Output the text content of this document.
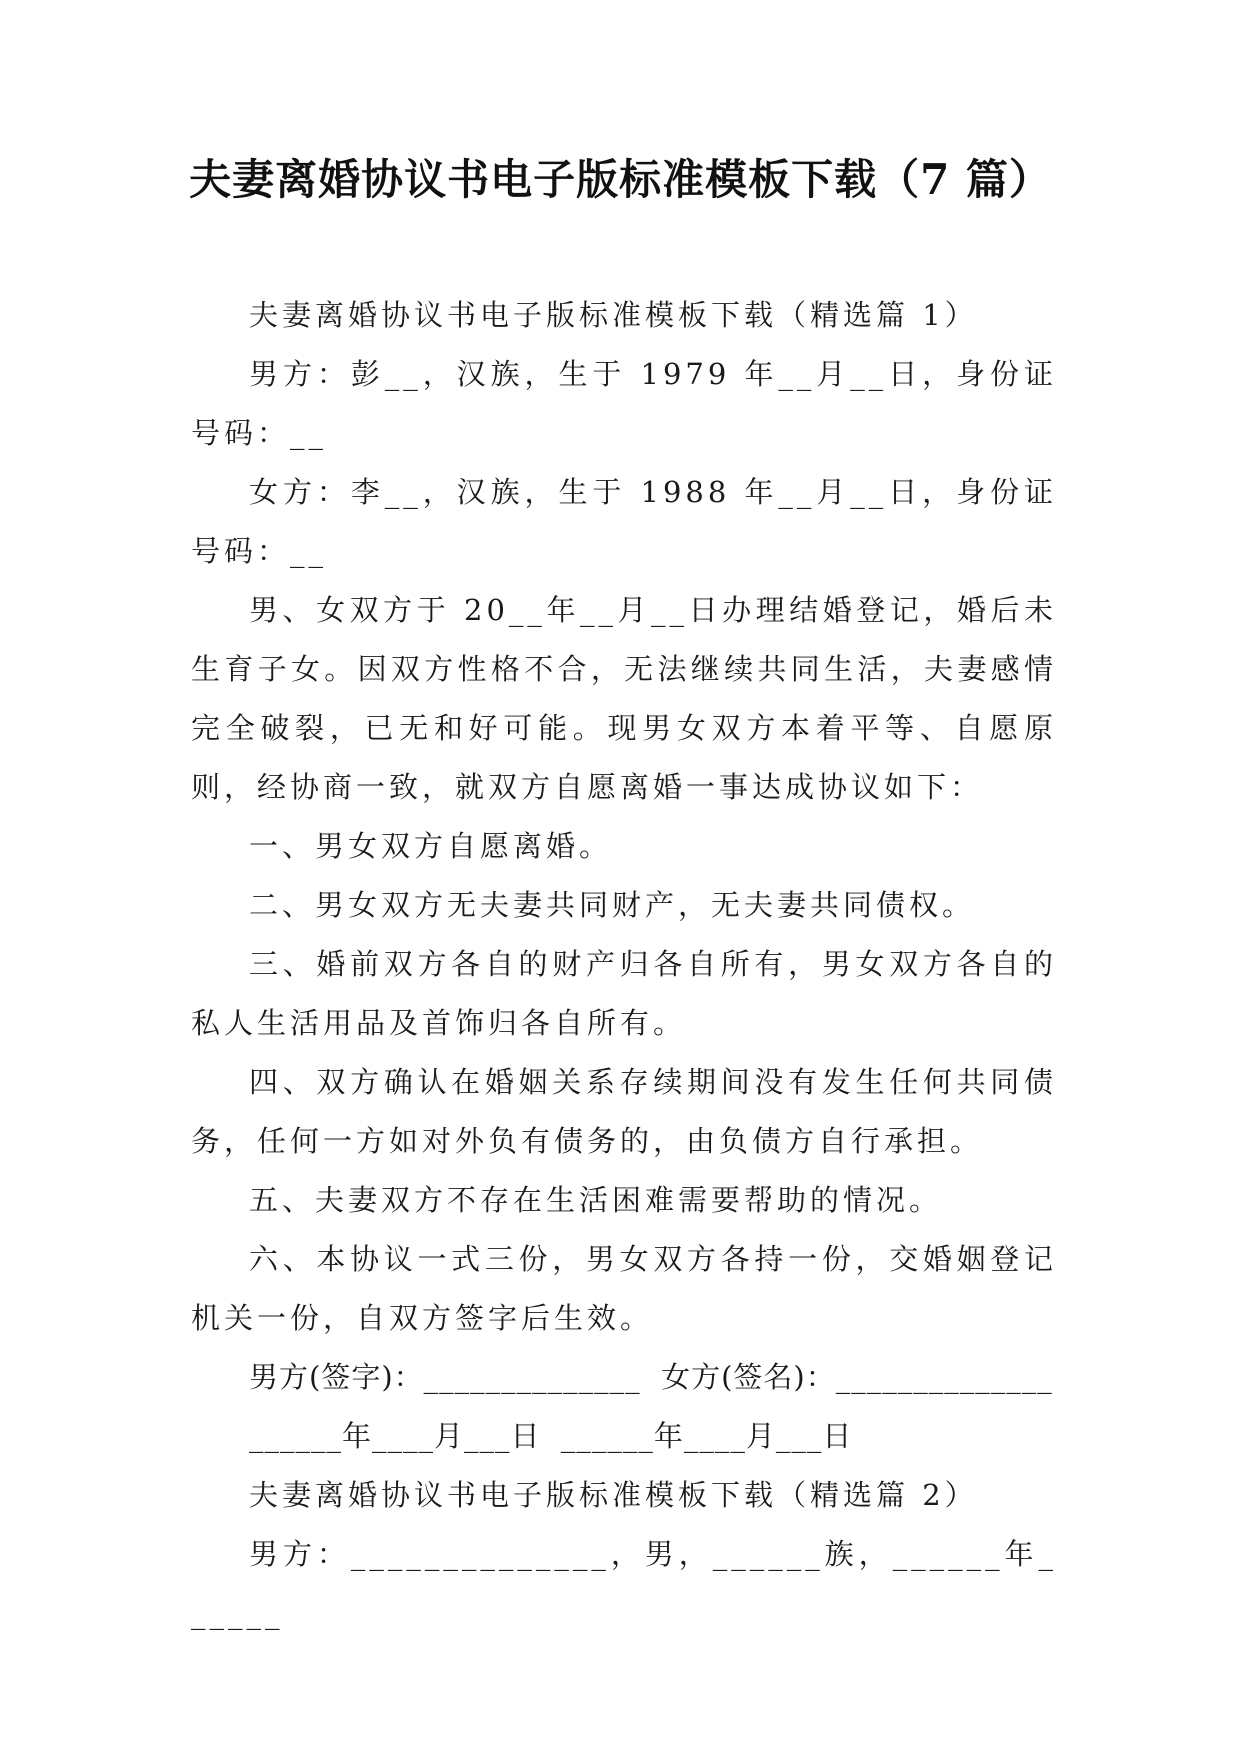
夫妻离婚协议书电子版标准模板下载（7 篇）

夫妻离婚协议书电子版标准模板下载（精选篇 1）

男方：彭__，汉族，生于 1979 年__月__日，身份证号码：__

女方：李__，汉族，生于 1988 年__月__日，身份证号码：__

男、女双方于 20__年__月__日办理结婚登记，婚后未生育子女。因双方性格不合，无法继续共同生活，夫妻感情完全破裂，已无和好可能。现男女双方本着平等、自愿原则，经协商一致，就双方自愿离婚一事达成协议如下：

一、男女双方自愿离婚。

二、男女双方无夫妻共同财产，无夫妻共同债权。

三、婚前双方各自的财产归各自所有，男女双方各自的私人生活用品及首饰归各自所有。

四、双方确认在婚姻关系存续期间没有发生任何共同债务，任何一方如对外负有债务的，由负债方自行承担。

五、夫妻双方不存在生活困难需要帮助的情况。

六、本协议一式三份，男女双方各持一份，交婚姻登记机关一份，自双方签字后生效。

男方(签字)：______________  女方(签名)：______________

______年____月___日  ______年____月___日

夫妻离婚协议书电子版标准模板下载（精选篇 2）

男方：______________，男，______族，______年______
